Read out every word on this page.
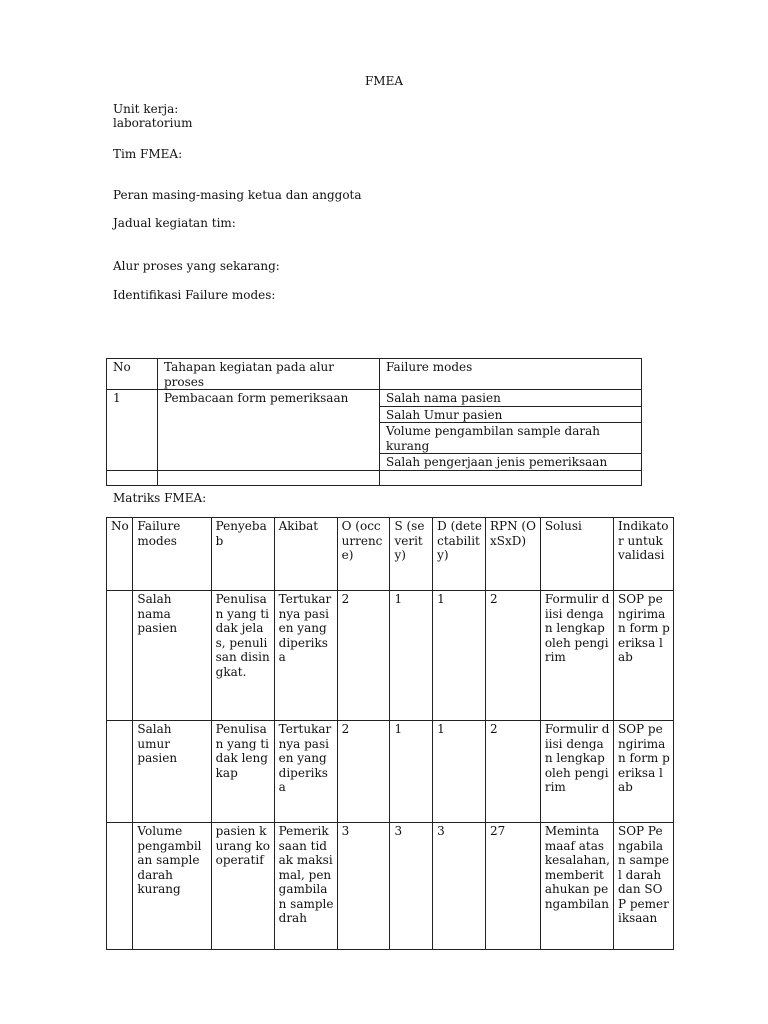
FMEA
Unit kerja:
laboratorium
Tim FMEA:
Peran masing-masing ketua dan anggota
Jadual kegiatan tim:
Alur proses yang sekarang:
Identifikasi Failure modes:
No	Tahapan kegiatan pada alur proses	Failure modes
1	Pembacaan form pemeriksaan	Salah nama pasien
		Salah Umur pasien
		Volume pengambilan sample darah kurang
		Salah pengerjaan jenis pemeriksaan

Matriks FMEA:
No	Failure modes	Penyebab	Akibat	O (occurrence)	S (severity)	D (detectability)	RPN (OxSxD)	Solusi	Indikator untuk validasi
	Salah nama pasien	Penulisan yang tidak jelas, penulisan disingkat.	Tertukarnya pasien yang diperiksa	2	1	1	2	Formulir diisi dengan lengkap oleh pengirim	SOP pengiriman form periksa lab
	Salah umur pasien	Penulisan yang tidak lengkap	Tertukarnya pasien yang diperiksa	2	1	1	2	Formulir diisi dengan lengkap oleh pengirim	SOP pengiriman form periksa lab
	Volume pengambilan sample darah kurang	pasien kurang kooperatif	Pemeriksaan tidak maksimal, pengambilan sample drah	3	3	3	27	Memintа maaf atas kesalahan, memberitahukan pengambilan	SOP Pengabilan sampel darah dan SOP pemeriksaan
